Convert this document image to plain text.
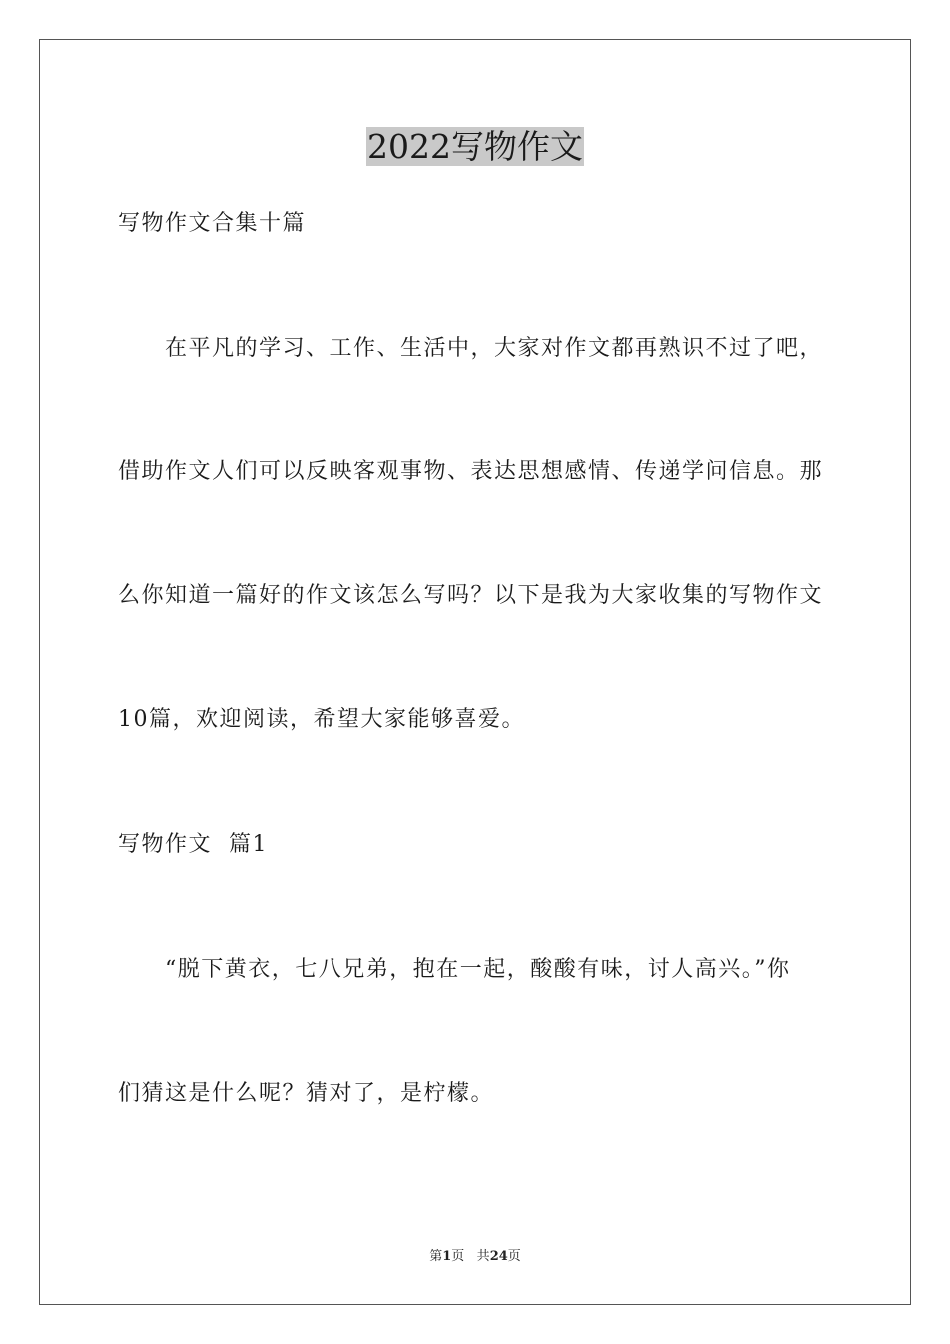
2022写物作文
写物作文合集十篇
在平凡的学习、工作、生活中，大家对作文都再熟识不过了吧，
借助作文人们可以反映客观事物、表达思想感情、传递学问信息。那
么你知道一篇好的作文该怎么写吗？以下是我为大家收集的写物作文
10篇，欢迎阅读，希望大家能够喜爱。
写物作文  篇1
“脱下黄衣，七八兄弟，抱在一起，酸酸有味，讨人高兴。”你
们猜这是什么呢？猜对了，是柠檬。
第1页 共24页
